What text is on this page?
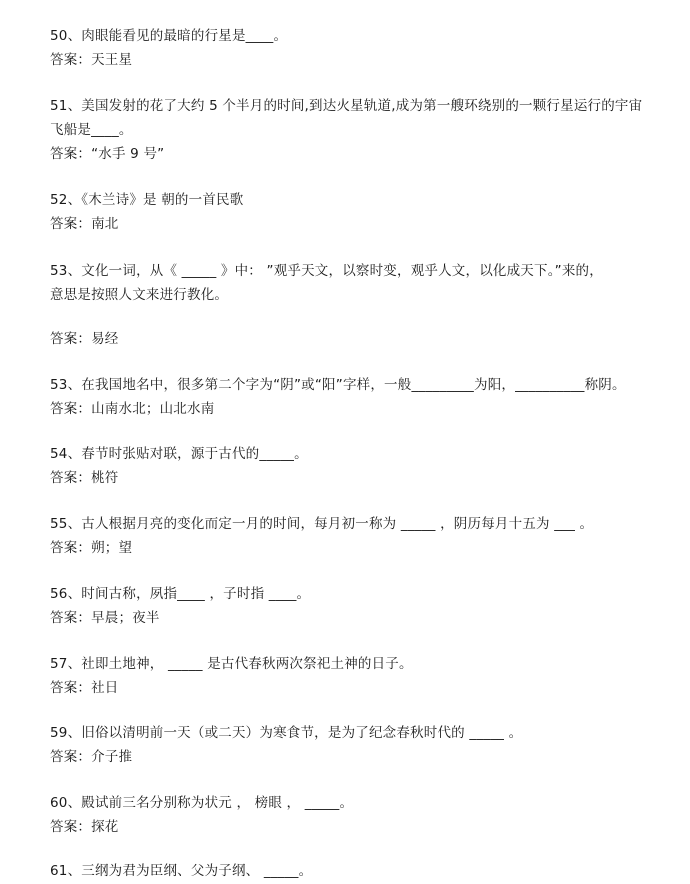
50、肉眼能看见的最暗的行星是____。
答案：天王星
51、美国发射的花了大约 5 个半月的时间,到达火星轨道,成为第一艘环绕别的一颗行星运行的宇宙
飞船是____。
答案：“水手 9 号”
52、《木兰诗》是 朝的一首民歌
答案：南北
53、文化一词，从《 _____ 》中： ”观乎天文，以察时变，观乎人文，以化成天下。”来的，
意思是按照人文来进行教化。
答案：易经
53、在我国地名中，很多第二个字为“阴”或“阳”字样，一般_________为阳，__________称阴。
答案：山南水北；山北水南
54、春节时张贴对联，源于古代的_____。
答案：桃符
55、古人根据月亮的变化而定一月的时间，每月初一称为 _____ ，阴历每月十五为 ___ 。
答案：朔；望
56、时间古称，夙指____ ，子时指 ____。
答案：早晨；夜半
57、社即土地神， _____ 是古代春秋两次祭祀土神的日子。
答案：社日
59、旧俗以清明前一天（或二天）为寒食节，是为了纪念春秋时代的 _____ 。
答案：介子推
60、殿试前三名分别称为状元 ， 榜眼 ， _____。
答案：探花
61、三纲为君为臣纲、父为子纲、 _____。
